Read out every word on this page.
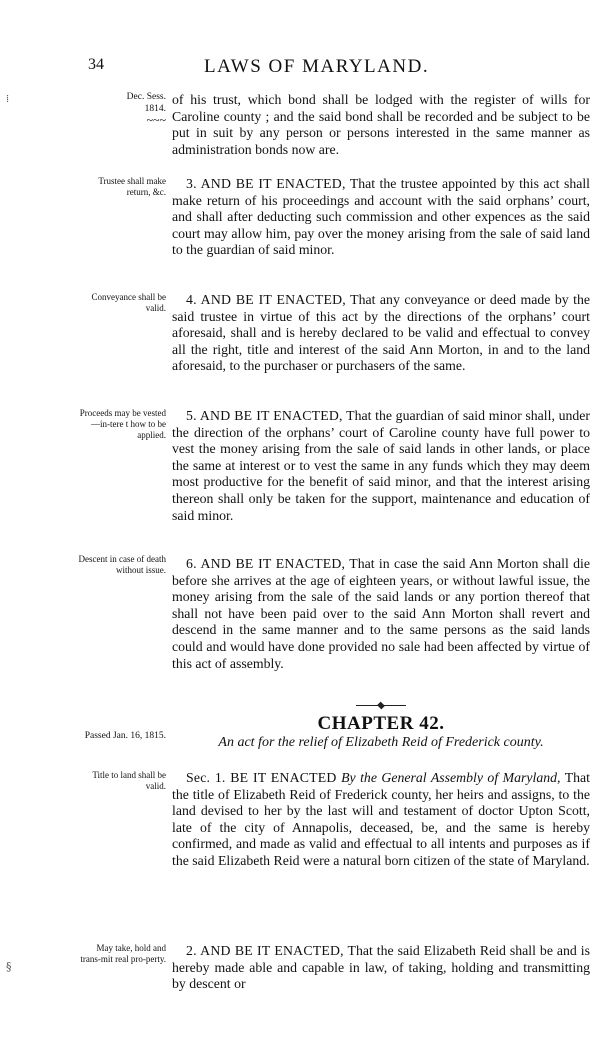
34	LAWS OF MARYLAND.
⁞
§
Dec. Sess.
1814.
~~~
Trustee shall make return, &c.
Conveyance shall be valid.
Proceeds may be vested—in-tere t how to be applied.
Descent in case of death without issue.
Passed Jan. 16, 1815.
Title to land shall be valid.
May take, hold and trans-mit real pro-perty.
of his trust, which bond shall be lodged with the register of wills for Caroline county ; and the said bond shall be recorded and be subject to be put in suit by any person or persons interested in the same manner as administration bonds now are.
3. AND BE IT ENACTED, That the trustee appointed by this act shall make return of his proceedings and account with the said orphans’ court, and shall after deducting such commission and other expences as the said court may allow him, pay over the money arising from the sale of said land to the guardian of said minor.
4. AND BE IT ENACTED, That any conveyance or deed made by the said trustee in virtue of this act by the directions of the orphans’ court aforesaid, shall and is hereby declared to be valid and effectual to convey all the right, title and interest of the said Ann Morton, in and to the land aforesaid, to the purchaser or purchasers of the same.
5. AND BE IT ENACTED, That the guardian of said minor shall, under the direction of the orphans’ court of Caroline county have full power to vest the money arising from the sale of said lands in other lands, or place the same at interest or to vest the same in any funds which they may deem most productive for the benefit of said minor, and that the interest arising thereon shall only be taken for the support, maintenance and education of said minor.
6. AND BE IT ENACTED, That in case the said Ann Morton shall die before she arrives at the age of eighteen years, or without lawful issue, the money arising from the sale of the said lands or any portion thereof that shall not have been paid over to the said Ann Morton shall revert and descend in the same manner and to the same persons as the said lands could and would have done provided no sale had been affected by virtue of this act of assembly.
CHAPTER 42.
An act for the relief of Elizabeth Reid of Frederick county.
Sec. 1. BE IT ENACTED By the General Assembly of Maryland, That the title of Elizabeth Reid of Frederick county, her heirs and assigns, to the land devised to her by the last will and testament of doctor Upton Scott, late of the city of Annapolis, deceased, be, and the same is hereby confirmed, and made as valid and effectual to all intents and purposes as if the said Elizabeth Reid were a natural born citizen of the state of Maryland.
2. AND BE IT ENACTED, That the said Elizabeth Reid shall be and is hereby made able and capable in law, of taking, holding and transmitting by descent or
